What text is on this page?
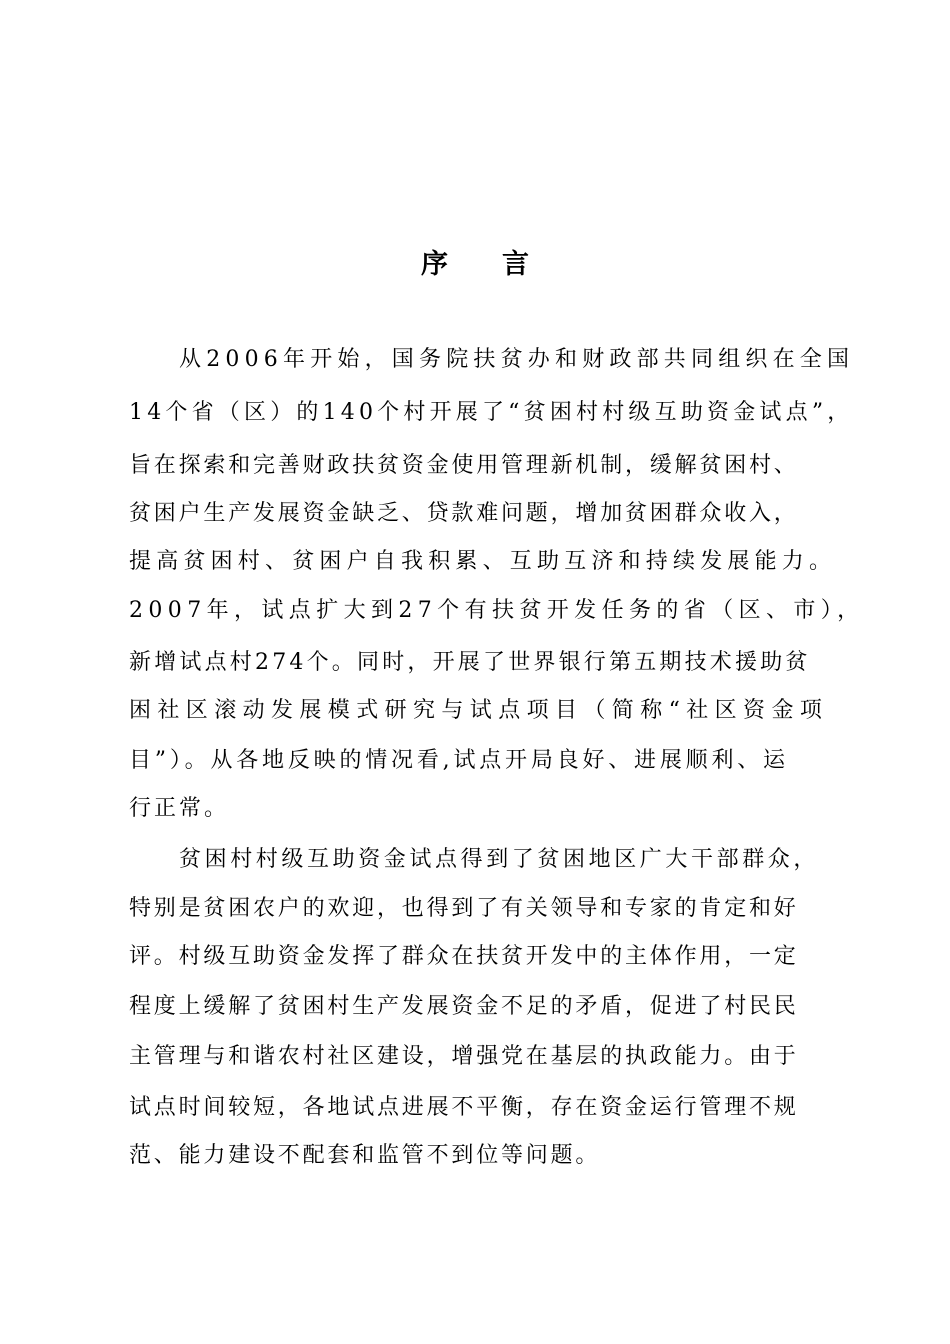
序 言
从2006年开始，国务院扶贫办和财政部共同组织在全国
14个省（区）的140个村开展了“贫困村村级互助资金试点”，
旨在探索和完善财政扶贫资金使用管理新机制，缓解贫困村、
贫困户生产发展资金缺乏、贷款难问题，增加贫困群众收入，
提高贫困村、贫困户自我积累、互助互济和持续发展能力。
2007年，试点扩大到27个有扶贫开发任务的省（区、市），
新增试点村274个。同时，开展了世界银行第五期技术援助贫
困社区滚动发展模式研究与试点项目（简称“社区资金项
目”）。从各地反映的情况看,试点开局良好、进展顺利、运
行正常。
贫困村村级互助资金试点得到了贫困地区广大干部群众，
特别是贫困农户的欢迎，也得到了有关领导和专家的肯定和好
评。村级互助资金发挥了群众在扶贫开发中的主体作用，一定
程度上缓解了贫困村生产发展资金不足的矛盾，促进了村民民
主管理与和谐农村社区建设，增强党在基层的执政能力。由于
试点时间较短，各地试点进展不平衡，存在资金运行管理不规
范、能力建设不配套和监管不到位等问题。
